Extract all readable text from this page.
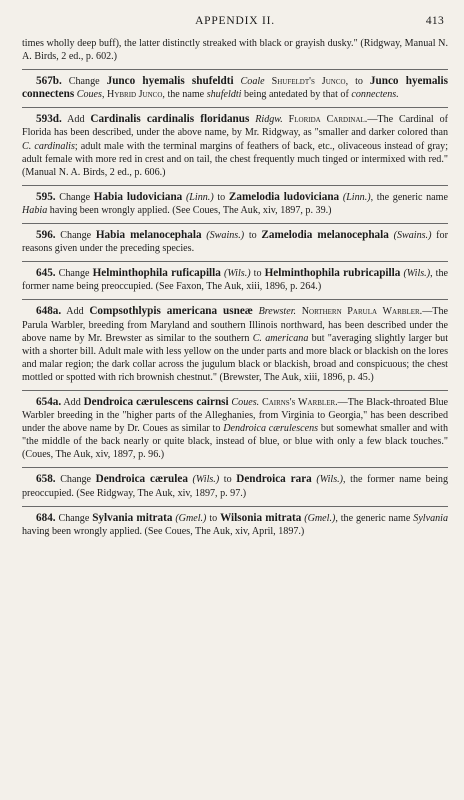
APPENDIX II.	413

times wholly deep buff), the latter distinctly streaked with black or grayish dusky." (Ridgway, Manual N. A. Birds, 2 ed., p. 602.)

567b. Change Junco hyemalis shufeldti Coale Shufeldt's Junco, to Junco hyemalis connectens Coues, Hybrid Junco, the name shufeldti being antedated by that of connectens.

593d. Add Cardinalis cardinalis floridanus Ridgw. Florida Cardinal.—The Cardinal of Florida has been described, under the above name, by Mr. Ridgway, as "smaller and darker colored than C. cardinalis; adult male with the terminal margins of feathers of back, etc., olivaceous instead of gray; adult female with more red in crest and on tail, the chest frequently much tinged or intermixed with red." (Manual N. A. Birds, 2 ed., p. 606.)

595. Change Habia ludoviciana (Linn.) to Zamelodia ludoviciana (Linn.), the generic name Habia having been wrongly applied. (See Coues, The Auk, xiv, 1897, p. 39.)

596. Change Habia melanocephala (Swains.) to Zamelodia melanocephala (Swains.) for reasons given under the preceding species.

645. Change Helminthophila ruficapilla (Wils.) to Helminthophila rubricapilla (Wils.), the former name being preoccupied. (See Faxon, The Auk, xiii, 1896, p. 264.)

648a. Add Compsothlypis americana usneæ Brewster. Northern Parula Warbler.—The Parula Warbler, breeding from Maryland and southern Illinois northward, has been described under the above name by Mr. Brewster as similar to the southern C. americana but "averaging slightly larger but with a shorter bill. Adult male with less yellow on the under parts and more black or blackish on the lores and malar region; the dark collar across the jugulum black or blackish, broad and conspicuous; the chest mottled or spotted with rich brownish chestnut." (Brewster, The Auk, xiii, 1896, p. 45.)

654a. Add Dendroica cærulescens cairnsi Coues. Cairns's Warbler.—The Black-throated Blue Warbler breeding in the "higher parts of the Alleghanies, from Virginia to Georgia," has been described under the above name by Dr. Coues as similar to Dendroica cærulescens but somewhat smaller and with "the middle of the back nearly or quite black, instead of blue, or blue with only a few black touches." (Coues, The Auk, xiv, 1897, p. 96.)

658. Change Dendroica cærulea (Wils.) to Dendroica rara (Wils.), the former name being preoccupied. (See Ridgway, The Auk, xiv, 1897, p. 97.)

684. Change Sylvania mitrata (Gmel.) to Wilsonia mitrata (Gmel.), the generic name Sylvania having been wrongly applied. (See Coues, The Auk, xiv, April, 1897.)
